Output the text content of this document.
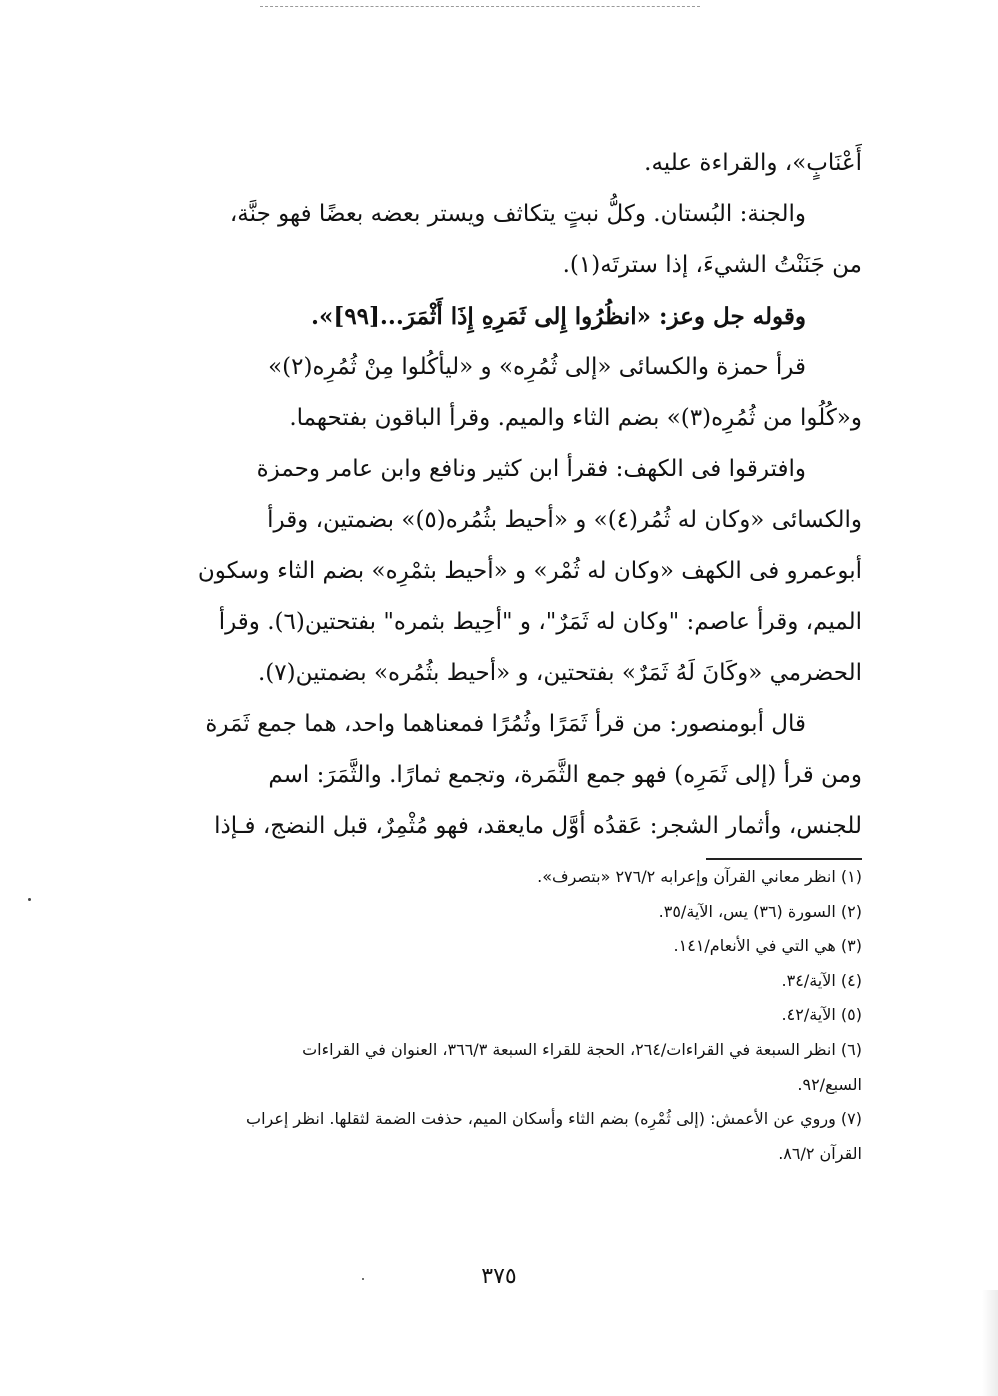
أَعْنَابٍ»، والقراءة عليه.
والجنة: البُستان. وكلُّ نبتٍ يتكاثف ويستر بعضه بعضًا فهو جنَّة،
من جَنَنْتُ الشيءَ، إذا سترتَه(١).
وقوله جل وعز: «انظُرُوا إِلى ثَمَرِهِ إِذَا أَثْمَرَ...[٩٩]».
قرأ حمزة والكسائى «إلى ثُمُرِه» و «ليأكُلوا مِنْ ثُمُرِه(٢)»
و«كُلُوا من ثُمُرِه(٣)» بضم الثاء والميم. وقرأ الباقون بفتحهما.
وافترقوا فى الكهف: فقرأ ابن كثير ونافع وابن عامر وحمزة
والكسائى «وكان له ثُمُر(٤)» و «أحيط بثُمُره(٥)» بضمتين، وقرأ
أبوعمرو فى الكهف «وكان له ثُمْر» و «أحيط بثمْرِه» بضم الثاء وسكون
الميم، وقرأ عاصم: "وكان له ثَمَرٌ"، و "أحِيط بثمره" بفتحتين(٦). وقرأ
الحضرمي «وكَانَ لَهُ ثَمَرٌ» بفتحتين، و «أحيط بثُمُره» بضمتين(٧).
قال أبومنصور: من قرأ ثَمَرًا وثُمُرًا فمعناهما واحد، هما جمع ثَمَرة
ومن قرأ (إلى ثَمَرِه) فهو جمع الثَّمَرة، وتجمع ثمارًا. والثَّمَرَ: اسم
للجنس، وأثمار الشجر: عَقدُه أوَّل مايعقد، فهو مُثْمِرٌ، قبل النضج، فـإذا
(١) انظر معاني القرآن وإعرابه ٢٧٦/٢ «بتصرف».
(٢) السورة (٣٦) يس، الآية/٣٥.
(٣) هي التي في الأنعام/١٤١.
(٤) الآية/٣٤.
(٥) الآية/٤٢.
(٦) انظر السبعة في القراءات/٢٦٤، الحجة للقراء السبعة ٣٦٦/٣، العنوان في القراءات
السبع/٩٢.
(٧) وروي عن الأعمش: (إلى ثُمْرِه) بضم الثاء وأسكان الميم، حذفت الضمة لثقلها. انظر إعراب
القرآن ٨٦/٢.
٣٧٥
